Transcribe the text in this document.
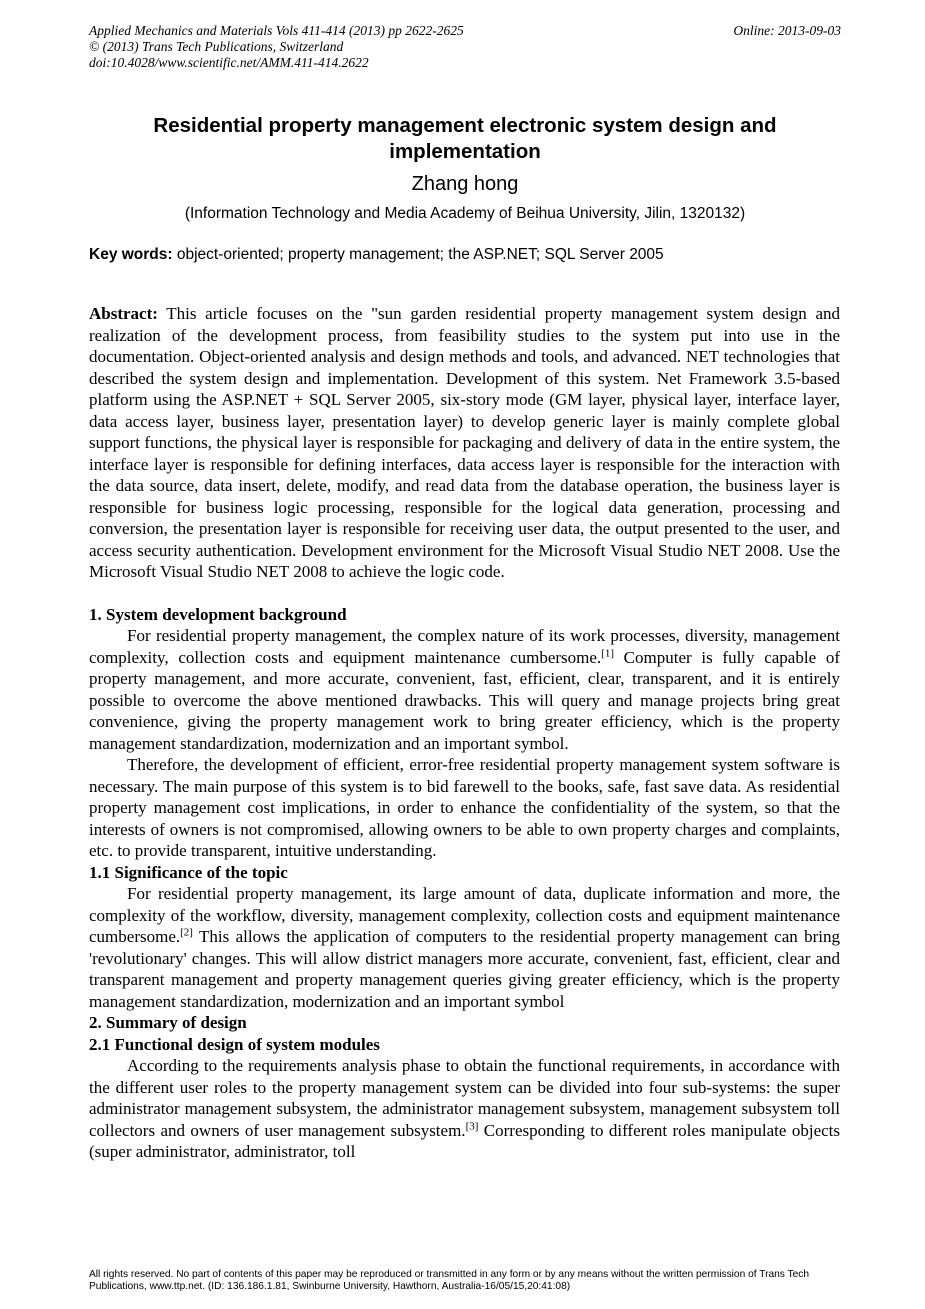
Applied Mechanics and Materials Vols 411-414 (2013) pp 2622-2625	Online: 2013-09-03
© (2013) Trans Tech Publications, Switzerland
doi:10.4028/www.scientific.net/AMM.411-414.2622
Residential property management electronic system design and implementation
Zhang hong
(Information Technology and Media Academy of Beihua University, Jilin, 1320132)
Key words: object-oriented; property management; the ASP.NET; SQL Server 2005

Abstract: This article focuses on the "sun garden residential property management system design and realization of the development process, from feasibility studies to the system put into use in the documentation. Object-oriented analysis and design methods and tools, and advanced. NET technologies that described the system design and implementation. Development of this system. Net Framework 3.5-based platform using the ASP.NET + SQL Server 2005, six-story mode (GM layer, physical layer, interface layer, data access layer, business layer, presentation layer) to develop generic layer is mainly complete global support functions, the physical layer is responsible for packaging and delivery of data in the entire system, the interface layer is responsible for defining interfaces, data access layer is responsible for the interaction with the data source, data insert, delete, modify, and read data from the database operation, the business layer is responsible for business logic processing, responsible for the logical data generation, processing and conversion, the presentation layer is responsible for receiving user data, the output presented to the user, and access security authentication. Development environment for the Microsoft Visual Studio NET 2008. Use the Microsoft Visual Studio NET 2008 to achieve the logic code.

1. System development background

For residential property management, the complex nature of its work processes, diversity, management complexity, collection costs and equipment maintenance cumbersome.[1] Computer is fully capable of property management, and more accurate, convenient, fast, efficient, clear, transparent, and it is entirely possible to overcome the above mentioned drawbacks. This will query and manage projects bring great convenience, giving the property management work to bring greater efficiency, which is the property management standardization, modernization and an important symbol.

Therefore, the development of efficient, error-free residential property management system software is necessary. The main purpose of this system is to bid farewell to the books, safe, fast save data. As residential property management cost implications, in order to enhance the confidentiality of the system, so that the interests of owners is not compromised, allowing owners to be able to own property charges and complaints, etc. to provide transparent, intuitive understanding.

1.1 Significance of the topic

For residential property management, its large amount of data, duplicate information and more, the complexity of the workflow, diversity, management complexity, collection costs and equipment maintenance cumbersome.[2] This allows the application of computers to the residential property management can bring 'revolutionary' changes. This will allow district managers more accurate, convenient, fast, efficient, clear and transparent management and property management queries giving greater efficiency, which is the property management standardization, modernization and an important symbol

2. Summary of design
2.1 Functional design of system modules

According to the requirements analysis phase to obtain the functional requirements, in accordance with the different user roles to the property management system can be divided into four sub-systems: the super administrator management subsystem, the administrator management subsystem, management subsystem toll collectors and owners of user management subsystem.[3] Corresponding to different roles manipulate objects (super administrator, administrator, toll

All rights reserved. No part of contents of this paper may be reproduced or transmitted in any form or by any means without the written permission of Trans Tech Publications, www.ttp.net. (ID: 136.186.1.81, Swinburne University, Hawthorn, Australia-16/05/15,20:41:08)
